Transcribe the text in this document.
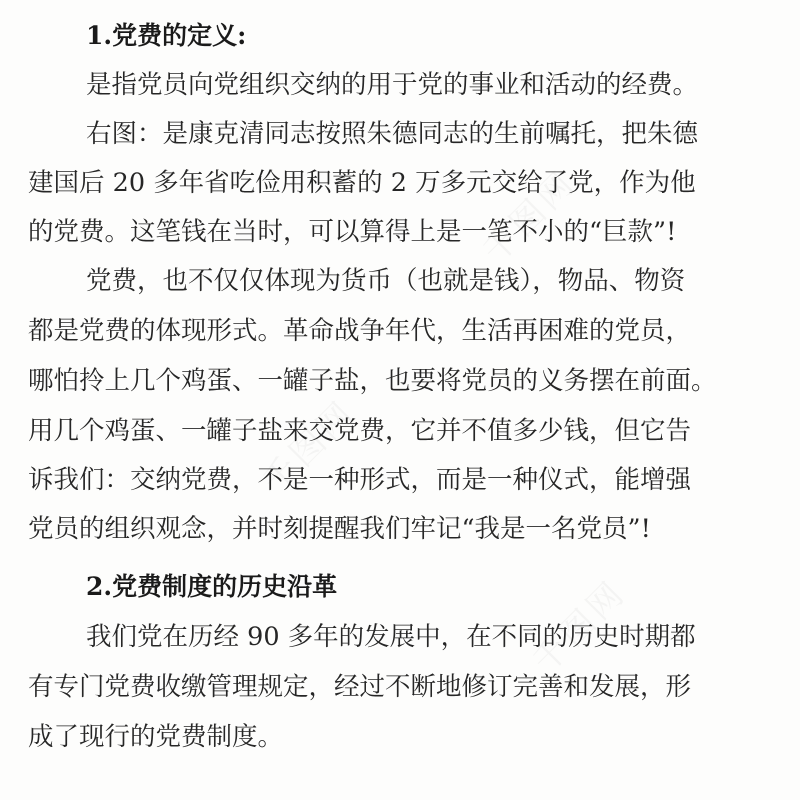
千图网
千图网
千图网
1.党费的定义:
是指党员向党组织交纳的用于党的事业和活动的经费。
右图：是康克清同志按照朱德同志的生前嘱托，把朱德
建国后 20 多年省吃俭用积蓄的 2 万多元交给了党，作为他
的党费。这笔钱在当时，可以算得上是一笔不小的“巨款”!
党费，也不仅仅体现为货币（也就是钱），物品、物资
都是党费的体现形式。革命战争年代，生活再困难的党员，
哪怕拎上几个鸡蛋、一罐子盐，也要将党员的义务摆在前面。
用几个鸡蛋、一罐子盐来交党费，它并不值多少钱，但它告
诉我们：交纳党费，不是一种形式，而是一种仪式，能增强
党员的组织观念，并时刻提醒我们牢记“我是一名党员”!
2.党费制度的历史沿革
我们党在历经 90 多年的发展中，在不同的历史时期都
有专门党费收缴管理规定，经过不断地修订完善和发展，形
成了现行的党费制度。
